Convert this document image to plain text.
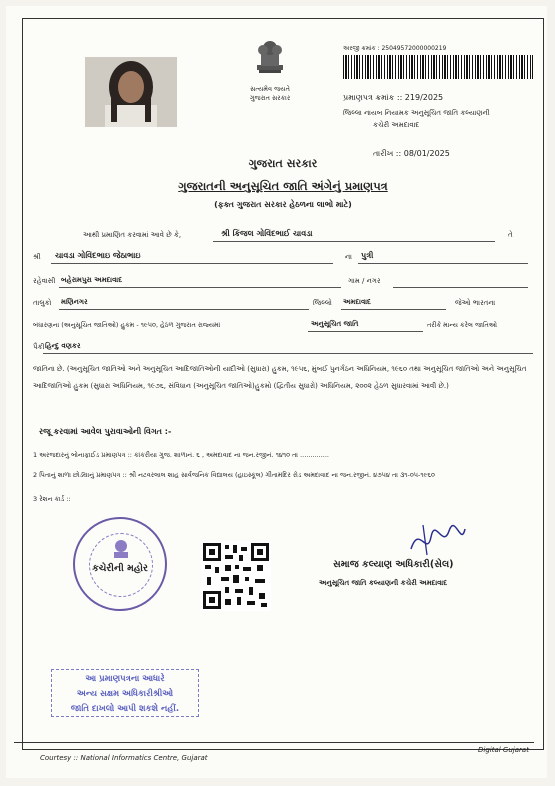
સત્યમેવ જયતે
ગુજરાત સરકાર
અરજી ક્રમાંક : 25049572000000219
પ્રમાણપત્ર ક્રમાંક :: 219/2025
જિલ્લા નાયબ નિયામક અનુસૂચિત જાતિ કલ્યાણની
કચેરી અમદાવાદ
તારીખ :: 08/01/2025
ગુજરાત સરકાર
ગુજરાતની અનુસૂચિત જાતિ અંગેનું પ્રમાણપત્ર
(ફક્ત ગુજરાત સરકાર હેઠળના લાભો માટે)
આથી પ્રમાણિત કરવામાં આવે છે કે,	શ્રી કિંજલ ગોવિંદભાઈ ચાવડા	તે
શ્રી ચાવડા ગોવિંદભાઇ જેઠાભાઇ	ના પુત્રી
રહેવાસી બહેરામપુરા અમદાવાદ	ગામ / નગર
તાલુકો મણિનગર	જિલ્લો અમદાવાદ	જેઓ ભારતના
બંધારણના (અનુસૂચિત જાતિઓ) હુકમ - ૧૯૫૦, હેઠળ ગુજરાત રાજ્યમાં	અનુસૂચિત જાતિ	તરીકે માન્ય કરેલ જાતિઓ
પૈકી હિન્દુ વણકર
જાતિના છે. (અનુસૂચિત જાતિઓ અને અનુસૂચિત આદિજાતિઓની યાદીઓ (સુધારા) હુકમ, ૧૯૫૬, મુંબઈ પુનર્ગઠન અધિનિયમ, ૧૯૬૦ તથા અનુસૂચિત જાતિઓ અને અનુસૂચિત આદિજાતિઓ હુકમ (સુધારા અધિનિયમ, ૧૯૭૬, સંવિધાન (અનુસૂચિત જાતિઓ)હુકમો (દ્વિતીય સુધારો) અધિનિયમ, ૨૦૦૨ હેઠળ સુધારવામાં આવી છે.)
રજૂ કરવામાં આવેલ પુરાવાઓની વિગત :-
1 અરજદારનું બોનાફાઈડ પ્રમાણપત્ર :: કાંકરીયા ગુજ. શાળાનં. ૬ , અમદાવાદ ના જન.રજીનં. ૧૪૧૦ તા ..............
2 પિતાનું શાળા છોડ્યાનું પ્રમાણપત્ર :: શ્રી નટવરલાલ શાહ સાર્વજનિક વિદ્યાલય (હાઇસ્કૂલ) ગીતામંદિર રોડ અમદાવાદ ના જન.રજીનં. ૪૭૫૪ તા ૩૧-૦૫-૧૯૬૦
3 રેશન કાર્ડ ::
કચેરીની મહોર	સમાજ કલ્યાણ અધિકારી(સેલ)
અનુસૂચિત જાતિ કલ્યાણની કચેરી અમદાવાદ
આ પ્રમાણપત્રના આધારે
અન્ય સક્ષમ અધિકારીશ્રીઓ
જાતિ દાખલો આપી શકશે નહીં.
Courtesy :: National Informatics Centre, Gujarat
Digital Gujarat
